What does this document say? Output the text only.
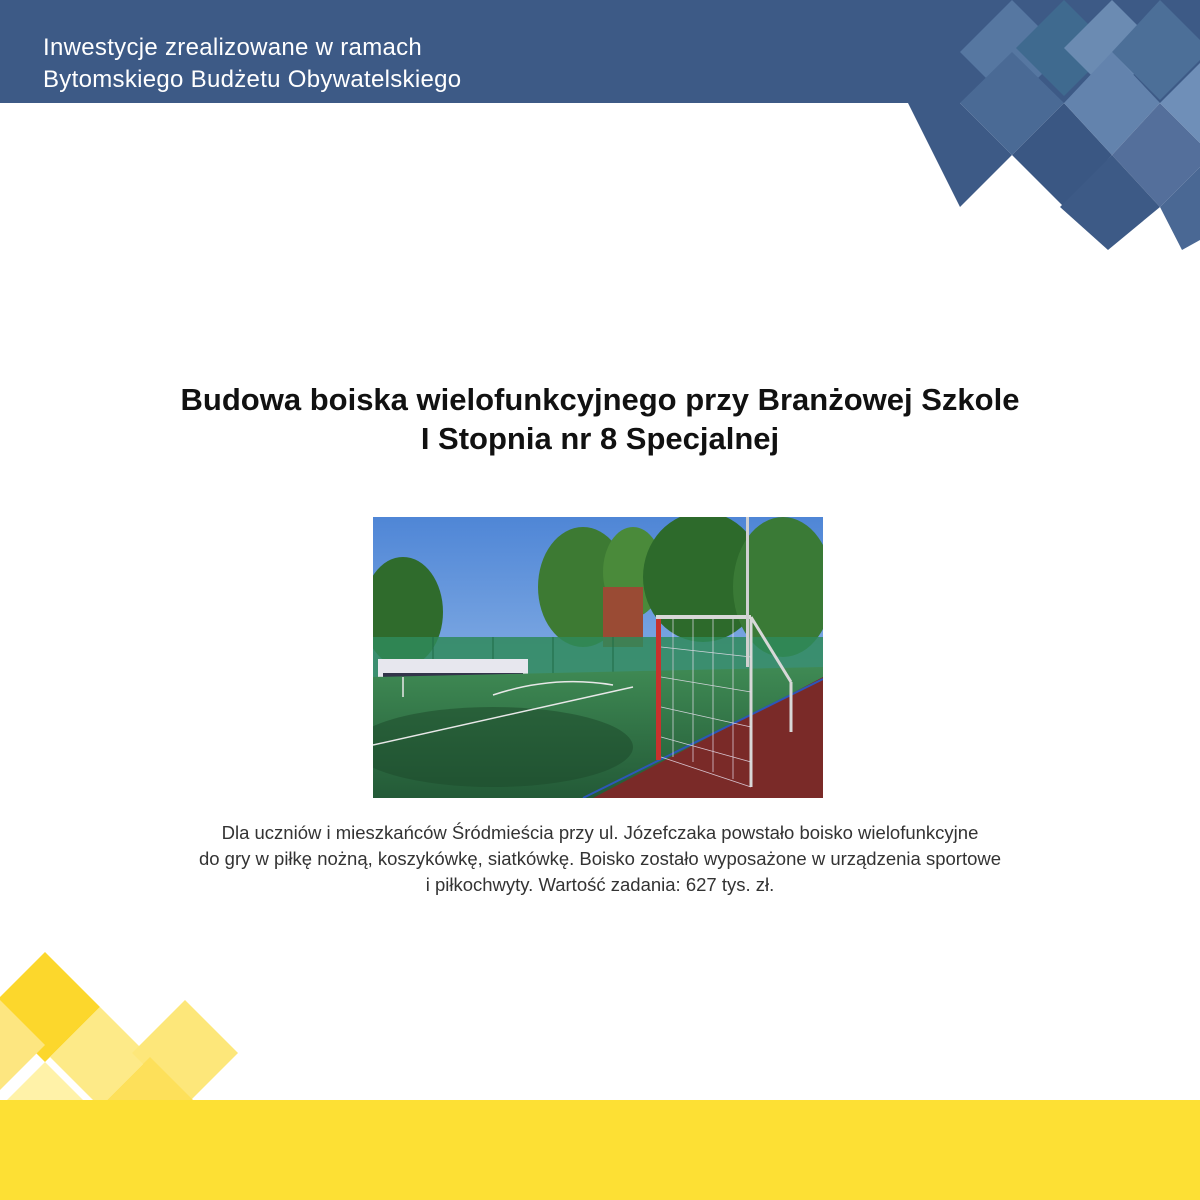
Inwestycje zrealizowane w ramach
Bytomskiego Budżetu Obywatelskiego
Budowa boiska wielofunkcyjnego przy Branżowej Szkole
I Stopnia nr 8 Specjalnej
Dla uczniów i mieszkańców Śródmieścia przy ul. Józefczaka powstało boisko wielofunkcyjne
do gry w piłkę nożną, koszykówkę, siatkówkę. Boisko zostało wyposażone w urządzenia sportowe
i piłkochwyty. Wartość zadania: 627 tys. zł.
